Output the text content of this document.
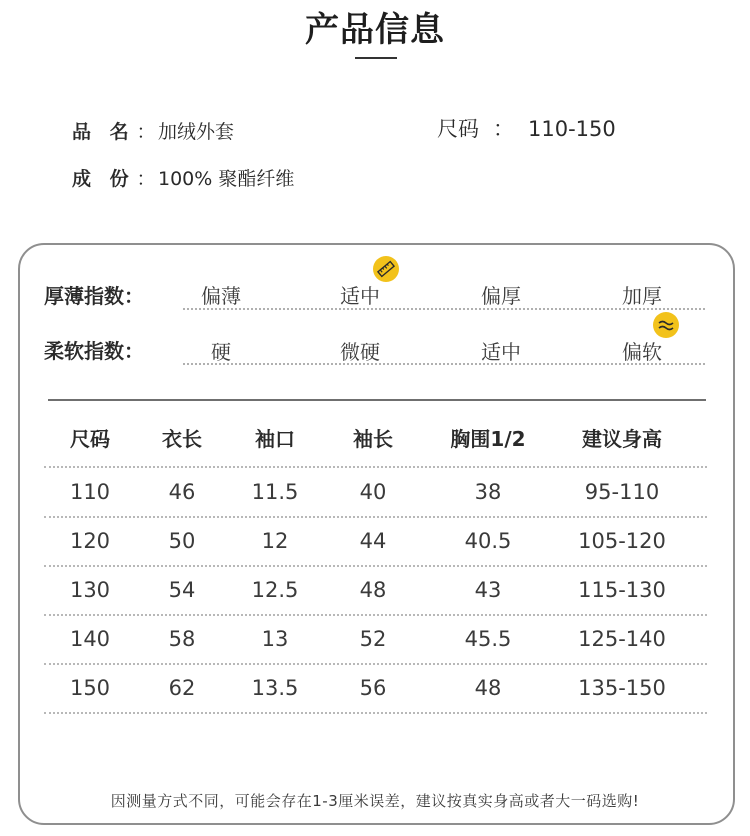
产品信息
品 名： 加绒外套
成 份： 100% 聚酯纤维
尺码 ： 110-150
厚薄指数：	偏薄	适中	偏厚	加厚
柔软指数：	硬	微硬	适中	偏软
尺码	衣长	袖口	袖长	胸围1/2	建议身高
110	46	11.5	40	38	95-110
120	50	12	44	40.5	105-120
130	54	12.5	48	43	115-130
140	58	13	52	45.5	125-140
150	62	13.5	56	48	135-150
因测量方式不同，可能会存在1-3厘米误差，建议按真实身高或者大一码选购!
